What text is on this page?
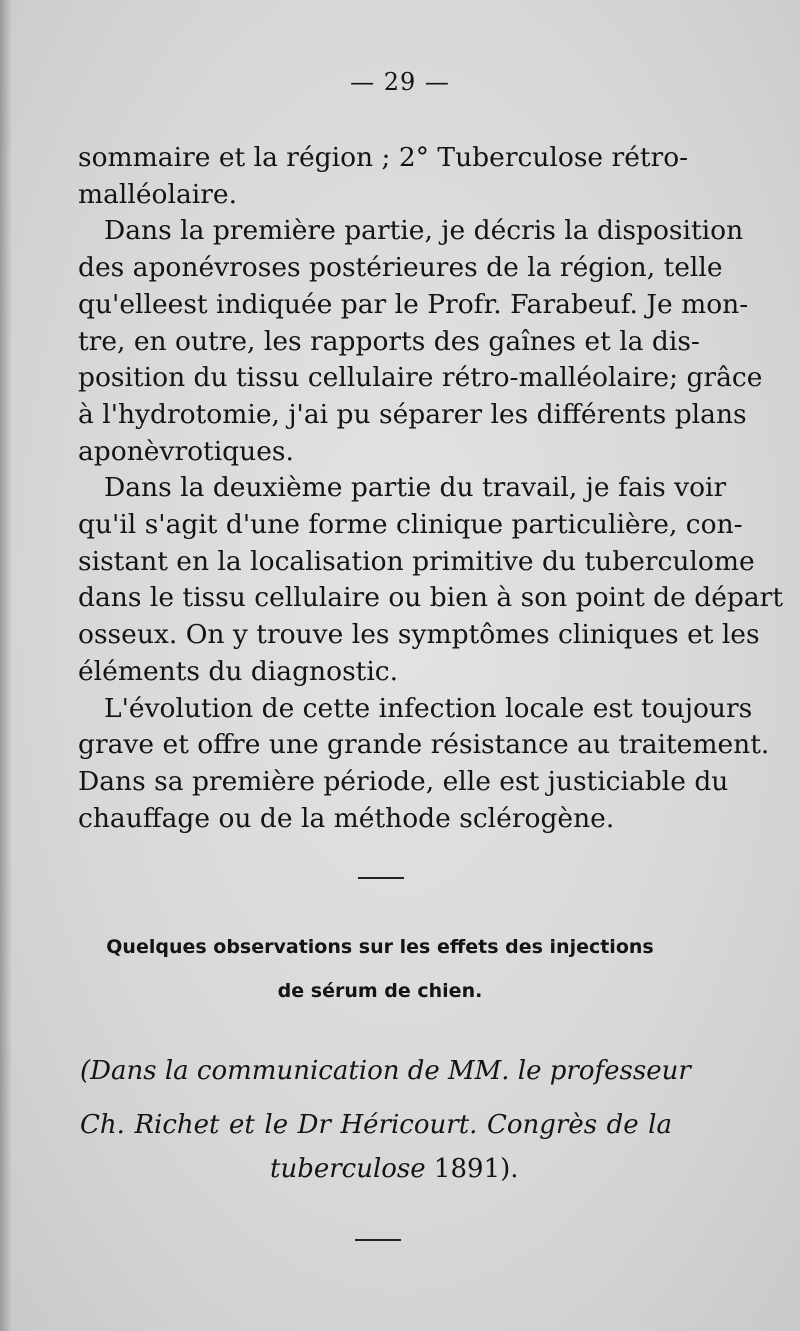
— 29 —

sommaire et la région ; 2° Tuberculose rétro-
malléolaire.

Dans la première partie, je décris la disposition
des aponévroses postérieures de la région, telle
qu'elleest indiquée par le Profr. Farabeuf. Je mon-
tre, en outre, les rapports des gaînes et la dis-
position du tissu cellulaire rétro-malléolaire; grâce
à l'hydrotomie, j'ai pu séparer les différents plans
aponèvrotiques.

Dans la deuxième partie du travail, je fais voir
qu'il s'agit d'une forme clinique particulière, con-
sistant en la localisation primitive du tuberculome
dans le tissu cellulaire ou bien à son point de départ
osseux. On y trouve les symptômes cliniques et les
éléments du diagnostic.

L'évolution de cette infection locale est toujours
grave et offre une grande résistance au traitement.
Dans sa première période, elle est justiciable du
chauffage ou de la méthode sclérogène.

Quelques observations sur les effets des injections
de sérum de chien.
(Dans la communication de MM. le professeur
Ch. Richet et le Dr Héricourt. Congrès de la
tuberculose 1891).
